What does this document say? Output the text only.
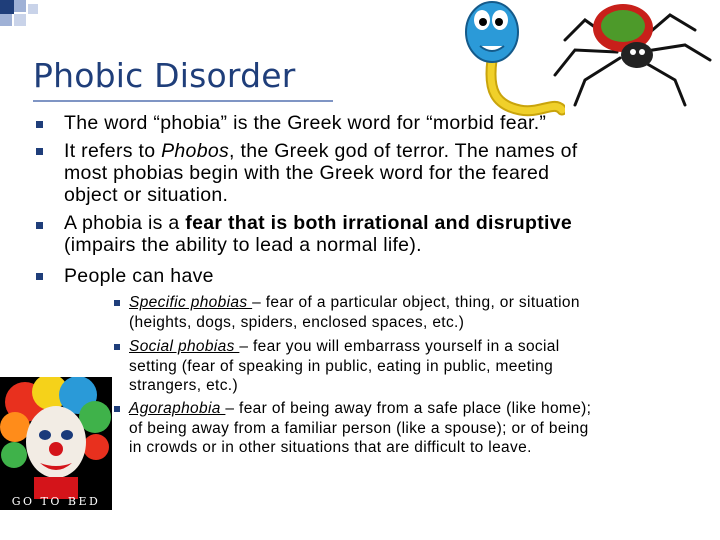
Phobic Disorder
The word “phobia” is the Greek word for “morbid fear.”
It refers to Phobos, the Greek god of terror. The names of
most phobias begin with the Greek word for the feared
object or situation.
A phobia is a fear that is both irrational and disruptive
(impairs the ability to lead a normal life).
People can have
Specific phobias – fear of a particular object, thing, or situation
(heights, dogs, spiders, enclosed spaces, etc.)
Social phobias – fear you will embarrass yourself in a social
setting (fear of speaking in public, eating in public, meeting
strangers, etc.)
Agoraphobia – fear of being away from a safe place (like home);
of being away from a familiar person (like a spouse); or of being
in crowds or in other situations that are difficult to leave.
GO TO BED
